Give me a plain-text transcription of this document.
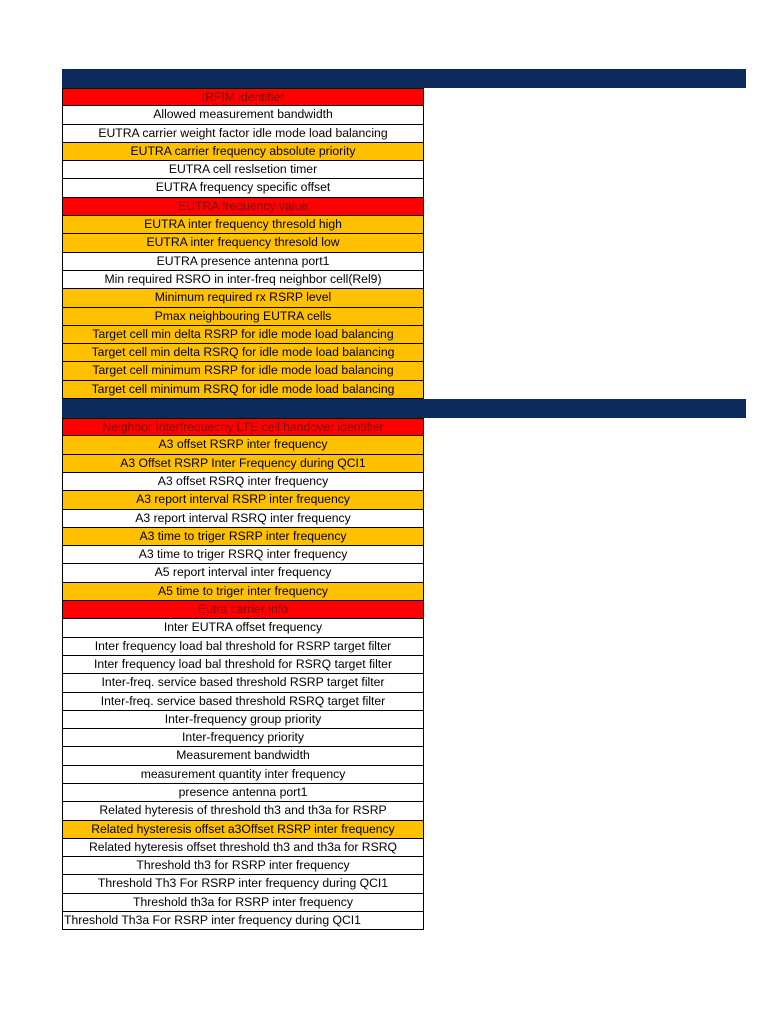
IRFIM identifier
Allowed measurement bandwidth
EUTRA carrier weight factor idle mode load balancing
EUTRA carrier frequency absolute priority
EUTRA cell reslsetion timer
EUTRA frequency specific offset
EUTRA frequency value
EUTRA inter frequency thresold high
EUTRA inter frequency thresold low
EUTRA presence antenna port1
Min required RSRO in inter-freq neighbor cell(Rel9)
Minimum required rx RSRP level
Pmax neighbouring EUTRA cells
Target cell min delta RSRP for idle mode load balancing
Target cell min delta RSRQ for idle mode load balancing
Target cell minimum RSRP for idle mode load balancing
Target cell minimum RSRQ for idle mode load balancing
Neighbor Interfrequecny LTE cell handover identifier
A3 offset RSRP inter frequency
A3 Offset RSRP Inter Frequency during QCI1
A3 offset RSRQ inter frequency
A3 report interval RSRP inter frequency
A3 report interval RSRQ inter frequency
A3 time to triger RSRP inter frequency
A3 time to triger RSRQ inter frequency
A5 report interval inter frequency
A5 time to triger inter frequency
Eutra carrier info
Inter EUTRA offset frequency
Inter frequency load bal threshold for RSRP target filter
Inter frequency load bal threshold for RSRQ target filter
Inter-freq. service based threshold RSRP target filter
Inter-freq. service based threshold RSRQ target filter
Inter-frequency group priority
Inter-frequency priority
Measurement bandwidth
measurement quantity inter frequency
presence antenna port1
Related hyteresis of threshold th3 and th3a for RSRP
Related hysteresis offset a3Offset RSRP inter frequency
Related hyteresis offset threshold th3 and th3a for RSRQ
Threshold th3 for RSRP inter frequency
Threshold Th3 For RSRP inter frequency during QCI1
Threshold th3a for RSRP inter frequency
Threshold Th3a For RSRP inter frequency during QCI1
